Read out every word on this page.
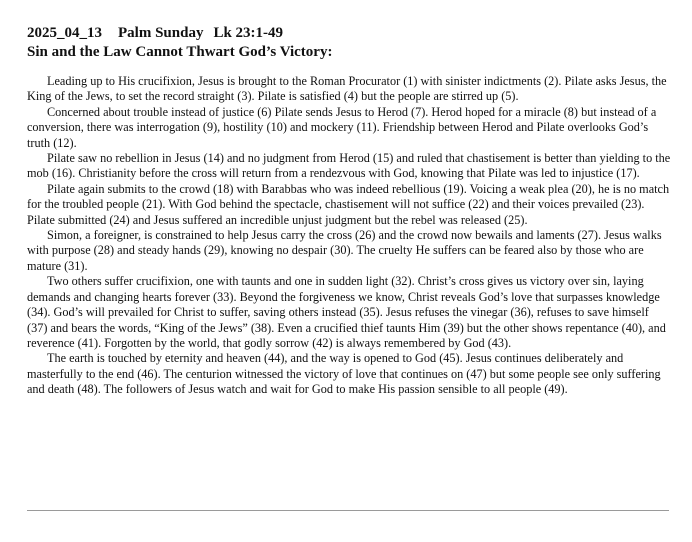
2025_04_13 Palm Sunday Lk 23:1-49

Sin and the Law Cannot Thwart God’s Victory:

Leading up to His crucifixion, Jesus is brought to the Roman Procurator (1) with sinister indictments (2). Pilate asks Jesus, the King of the Jews, to set the record straight (3). Pilate is satisfied (4) but the people are stirred up (5).

Concerned about trouble instead of justice (6) Pilate sends Jesus to Herod (7). Herod hoped for a miracle (8) but instead of a conversion, there was interrogation (9), hostility (10) and mockery (11). Friendship between Herod and Pilate overlooks God’s truth (12).

Pilate saw no rebellion in Jesus (14) and no judgment from Herod (15) and ruled that chastisement is better than yielding to the mob (16). Christianity before the cross will return from a rendezvous with God, knowing that Pilate was led to injustice (17).

Pilate again submits to the crowd (18) with Barabbas who was indeed rebellious (19). Voicing a weak plea (20), he is no match for the troubled people (21). With God behind the spectacle, chastisement will not suffice (22) and their voices prevailed (23). Pilate submitted (24) and Jesus suffered an incredible unjust judgment but the rebel was released (25).

Simon, a foreigner, is constrained to help Jesus carry the cross (26) and the crowd now bewails and laments (27). Jesus walks with purpose (28) and steady hands (29), knowing no despair (30). The cruelty He suffers can be feared also by those who are mature (31).

Two others suffer crucifixion, one with taunts and one in sudden light (32). Christ’s cross gives us victory over sin, laying demands and changing hearts forever (33). Beyond the forgiveness we know, Christ reveals God’s love that surpasses knowledge (34). God’s will prevailed for Christ to suffer, saving others instead (35). Jesus refuses the vinegar (36), refuses to save himself (37) and bears the words, “King of the Jews” (38). Even a crucified thief taunts Him (39) but the other shows repentance (40), and reverence (41). Forgotten by the world, that godly sorrow (42) is always remembered by God (43).

The earth is touched by eternity and heaven (44), and the way is opened to God (45). Jesus continues deliberately and masterfully to the end (46). The centurion witnessed the victory of love that continues on (47) but some people see only suffering and death (48). The followers of Jesus watch and wait for God to make His passion sensible to all people (49).
